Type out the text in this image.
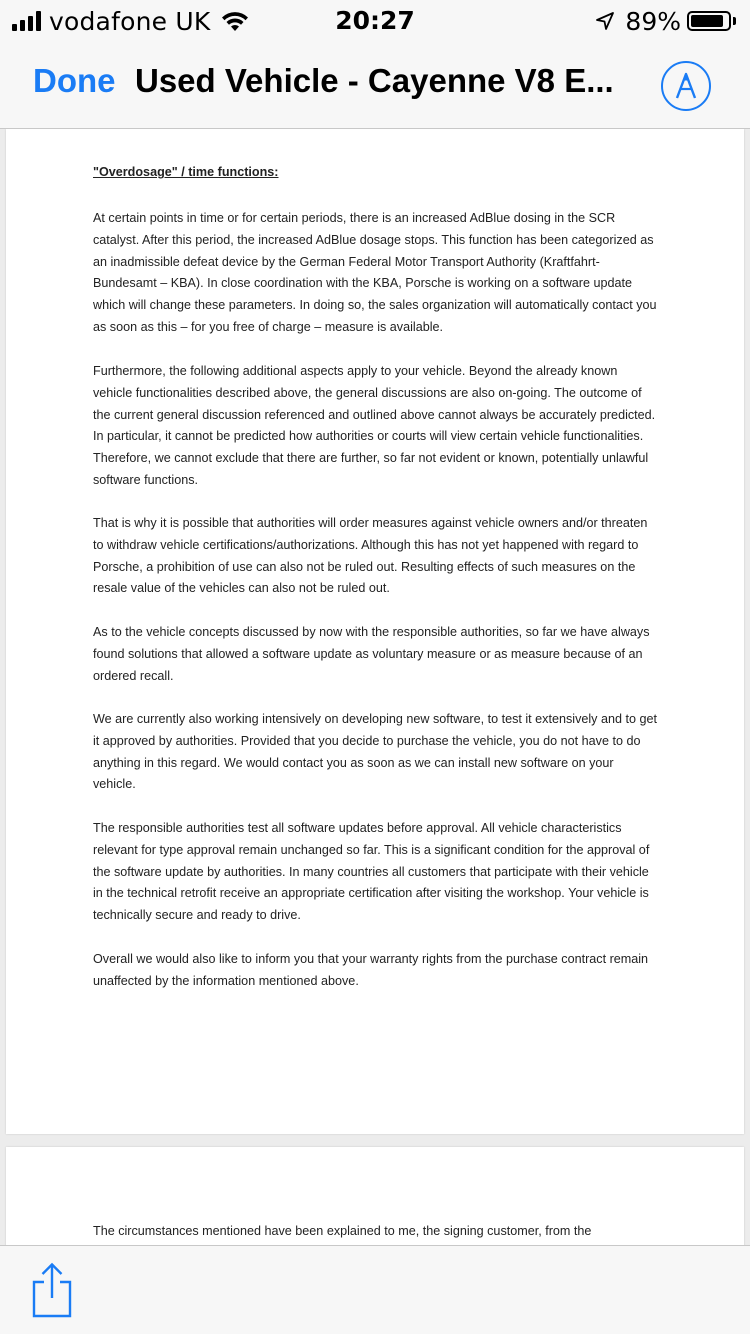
vodafone UK	20:27	89%
Done Used Vehicle - Cayenne V8 E...
"Overdosage" / time functions:

At certain points in time or for certain periods, there is an increased AdBlue dosing in the SCR catalyst. After this period, the increased AdBlue dosage stops. This function has been categorized as an inadmissible defeat device by the German Federal Motor Transport Authority (Kraftfahrt-Bundesamt – KBA). In close coordination with the KBA, Porsche is working on a software update which will change these parameters. In doing so, the sales organization will automatically contact you as soon as this – for you free of charge – measure is available.

Furthermore, the following additional aspects apply to your vehicle. Beyond the already known vehicle functionalities described above, the general discussions are also on-going. The outcome of the current general discussion referenced and outlined above cannot always be accurately predicted. In particular, it cannot be predicted how authorities or courts will view certain vehicle functionalities. Therefore, we cannot exclude that there are further, so far not evident or known, potentially unlawful software functions.

That is why it is possible that authorities will order measures against vehicle owners and/or threaten to withdraw vehicle certifications/authorizations. Although this has not yet happened with regard to Porsche, a prohibition of use can also not be ruled out. Resulting effects of such measures on the resale value of the vehicles can also not be ruled out.

As to the vehicle concepts discussed by now with the responsible authorities, so far we have always found solutions that allowed a software update as voluntary measure or as measure because of an ordered recall.

We are currently also working intensively on developing new software, to test it extensively and to get it approved by authorities. Provided that you decide to purchase the vehicle, you do not have to do anything in this regard. We would contact you as soon as we can install new software on your vehicle.

The responsible authorities test all software updates before approval. All vehicle characteristics relevant for type approval remain unchanged so far. This is a significant condition for the approval of the software update by authorities. In many countries all customers that participate with their vehicle in the technical retrofit receive an appropriate certification after visiting the workshop. Your vehicle is technically secure and ready to drive.

Overall we would also like to inform you that your warranty rights from the purchase contract remain unaffected by the information mentioned above.

The circumstances mentioned have been explained to me, the signing customer, from the
